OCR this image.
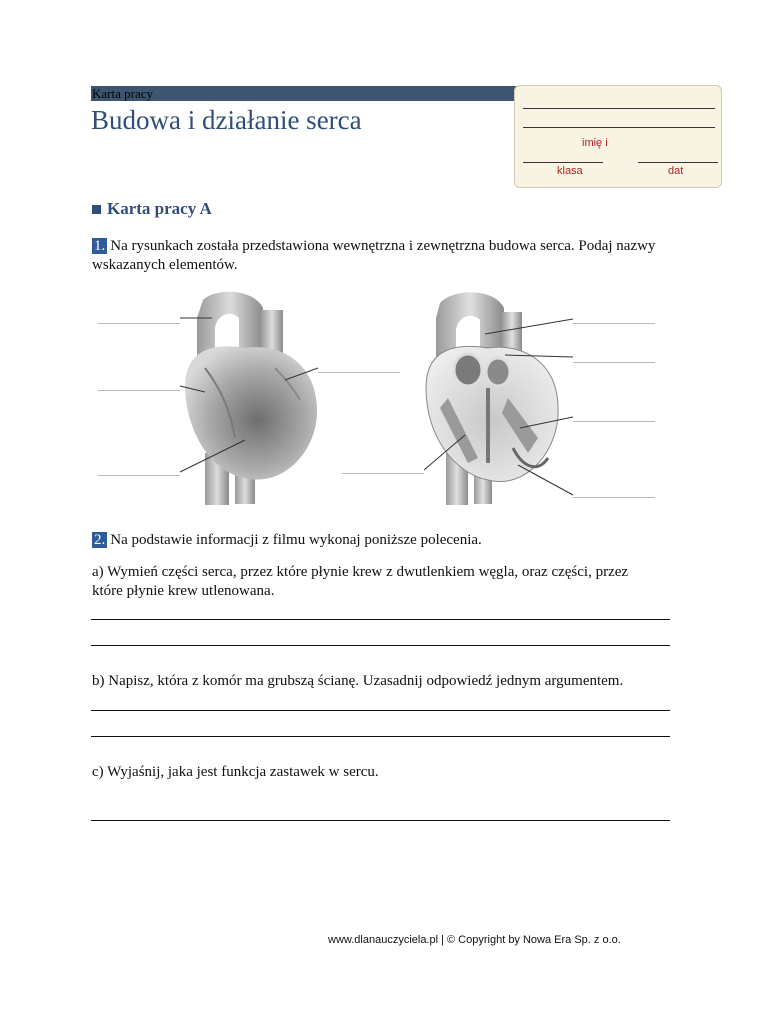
Karta pracy
Budowa i działanie serca
imię i
klasa	dat
Karta pracy A
1. Na rysunkach została przedstawiona wewnętrzna i zewnętrzna budowa serca. Podaj nazwy wskazanych elementów.
2. Na podstawie informacji z filmu wykonaj poniższe polecenia.
a) Wymień części serca, przez które płynie krew z dwutlenkiem węgla, oraz części, przez które płynie krew utlenowana.
b) Napisz, która z komór ma grubszą ścianę. Uzasadnij odpowiedź jednym argumentem.
c) Wyjaśnij, jaka jest funkcja zastawek w sercu.
www.dlanauczyciela.pl | © Copyright by Nowa Era Sp. z o.o.
